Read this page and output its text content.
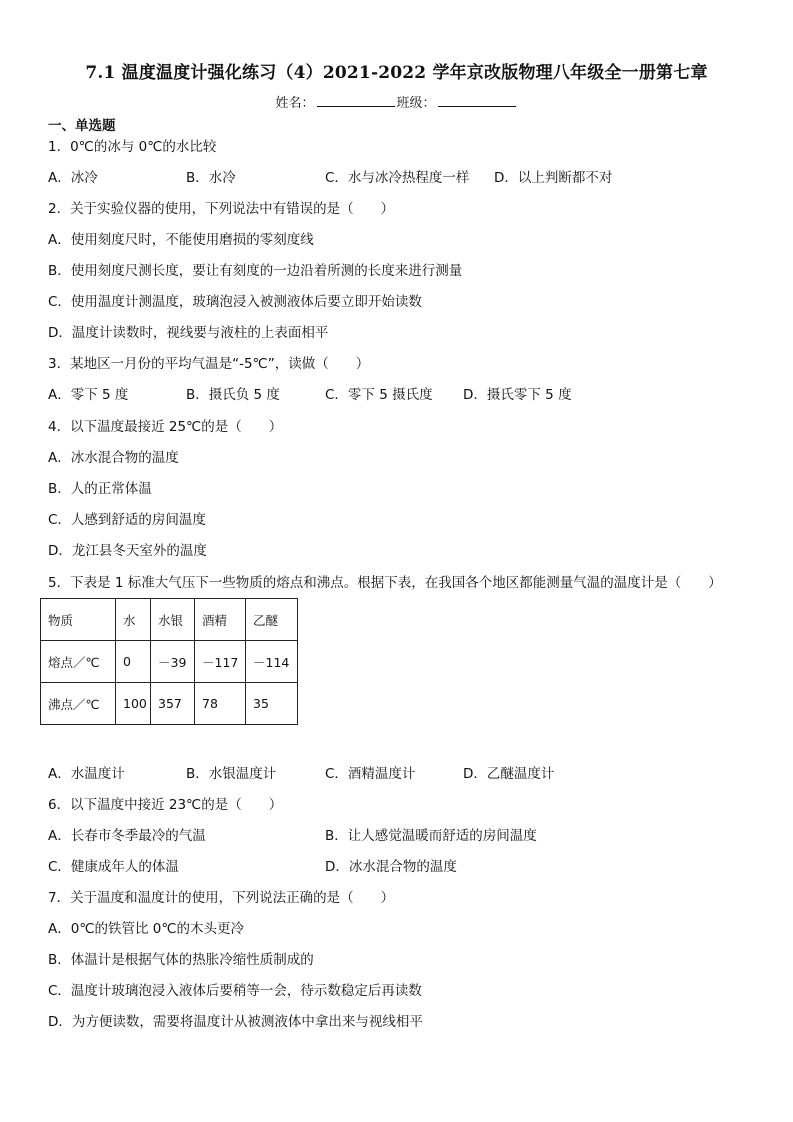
7.1 温度温度计强化练习（4）2021-2022 学年京改版物理八年级全一册第七章
姓名：	班级：
一、单选题
1．0℃的冰与 0℃的水比较
A．冰冷	B．水冷	C．水与冰冷热程度一样 D．以上判断都不对
2．关于实验仪器的使用，下列说法中有错误的是（　　）
A．使用刻度尺时，不能使用磨损的零刻度线
B．使用刻度尺测长度，要让有刻度的一边沿着所测的长度来进行测量
C．使用温度计测温度，玻璃泡浸入被测液体后要立即开始读数
D．温度计读数时，视线要与液柱的上表面相平
3．某地区一月份的平均气温是“-5℃”，读做（　　）
A．零下 5 度	B．摄氏负 5 度	C．零下 5 摄氏度 D．摄氏零下 5 度
4．以下温度最接近 25℃的是（　　）
A．冰水混合物的温度
B．人的正常体温
C．人感到舒适的房间温度
D．龙江县冬天室外的温度
5．下表是 1 标准大气压下一些物质的熔点和沸点。根据下表，在我国各个地区都能测量气温的温度计是（　　）
物质	水	水银	酒精	乙醚
熔点／℃	0	－39	－117	－114
沸点／℃	100	357	78	35
A．水温度计	B．水银温度计	C．酒精温度计	D．乙醚温度计
6．以下温度中接近 23℃的是（　　）
A．长春市冬季最冷的气温	B．让人感觉温暖而舒适的房间温度
C．健康成年人的体温	D．冰水混合物的温度
7．关于温度和温度计的使用，下列说法正确的是（　　）
A．0℃的铁管比 0℃的木头更冷
B．体温计是根据气体的热胀冷缩性质制成的
C．温度计玻璃泡浸入液体后要稍等一会，待示数稳定后再读数
D．为方便读数，需要将温度计从被测液体中拿出来与视线相平
